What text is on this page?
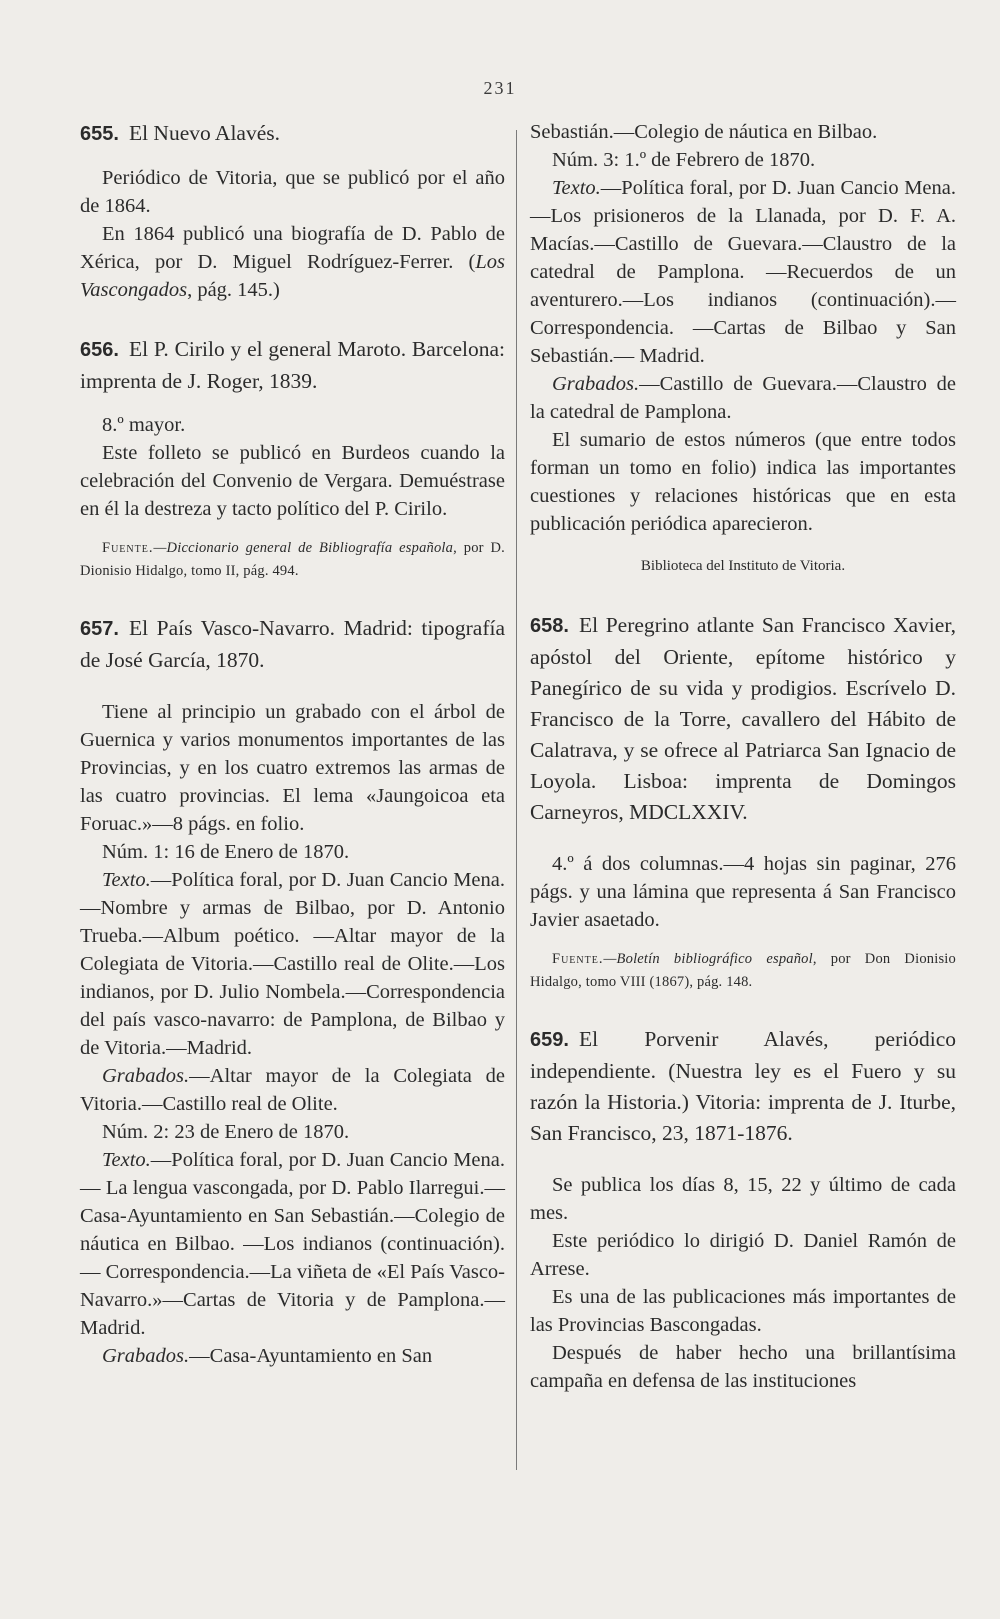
231

655. El Nuevo Alavés.

Periódico de Vitoria, que se publicó por el año de 1864.

En 1864 publicó una biografía de D. Pablo de Xérica, por D. Miguel Rodríguez-Ferrer. (Los Vascongados, pág. 145.)

656. El P. Cirilo y el general Maroto. Barcelona: imprenta de J. Roger, 1839.

8.º mayor.

Este folleto se publicó en Burdeos cuando la celebración del Convenio de Vergara. Demuéstrase en él la destreza y tacto político del P. Cirilo.

Fuente.—Diccionario general de Bibliografía española, por D. Dionisio Hidalgo, tomo II, pág. 494.

657. El País Vasco-Navarro. Madrid: tipografía de José García, 1870.

Tiene al principio un grabado con el árbol de Guernica y varios monumentos importantes de las Provincias, y en los cuatro extremos las armas de las cuatro provincias. El lema «Jaungoicoa eta Foruac.»—8 págs. en folio.

Núm. 1: 16 de Enero de 1870.

Texto.—Política foral, por D. Juan Cancio Mena.—Nombre y armas de Bilbao, por D. Antonio Trueba.—Album poético. —Altar mayor de la Colegiata de Vitoria.—Castillo real de Olite.—Los indianos, por D. Julio Nombela.—Correspondencia del país vasco-navarro: de Pamplona, de Bilbao y de Vitoria.—Madrid.

Grabados.—Altar mayor de la Colegiata de Vitoria.—Castillo real de Olite.

Núm. 2: 23 de Enero de 1870.

Texto.—Política foral, por D. Juan Cancio Mena.— La lengua vascongada, por D. Pablo Ilarregui.— Casa-Ayuntamiento en San Sebastián.—Colegio de náutica en Bilbao. —Los indianos (continuación).— Correspondencia.—La viñeta de «El País Vasco-Navarro.»—Cartas de Vitoria y de Pamplona.—Madrid.

Grabados.—Casa-Ayuntamiento en San

Sebastián.—Colegio de náutica en Bilbao.

Núm. 3: 1.º de Febrero de 1870.

Texto.—Política foral, por D. Juan Cancio Mena.—Los prisioneros de la Llanada, por D. F. A. Macías.—Castillo de Guevara.—Claustro de la catedral de Pamplona. —Recuerdos de un aventurero.—Los indianos (continuación).— Correspondencia. —Cartas de Bilbao y San Sebastián.— Madrid.

Grabados.—Castillo de Guevara.—Claustro de la catedral de Pamplona.

El sumario de estos números (que entre todos forman un tomo en folio) indica las importantes cuestiones y relaciones históricas que en esta publicación periódica aparecieron.

Biblioteca del Instituto de Vitoria.

658. El Peregrino atlante San Francisco Xavier, apóstol del Oriente, epítome histórico y Panegírico de su vida y prodigios. Escrívelo D. Francisco de la Torre, cavallero del Hábito de Calatrava, y se ofrece al Patriarca San Ignacio de Loyola. Lisboa: imprenta de Domingos Carneyros, MDCLXXIV.

4.º á dos columnas.—4 hojas sin paginar, 276 págs. y una lámina que representa á San Francisco Javier asaetado.

Fuente.—Boletín bibliográfico español, por Don Dionisio Hidalgo, tomo VIII (1867), pág. 148.

659. El Porvenir Alavés, periódico independiente. (Nuestra ley es el Fuero y su razón la Historia.) Vitoria: imprenta de J. Iturbe, San Francisco, 23, 1871-1876.

Se publica los días 8, 15, 22 y último de cada mes.

Este periódico lo dirigió D. Daniel Ramón de Arrese.

Es una de las publicaciones más importantes de las Provincias Bascongadas.

Después de haber hecho una brillantísima campaña en defensa de las instituciones
